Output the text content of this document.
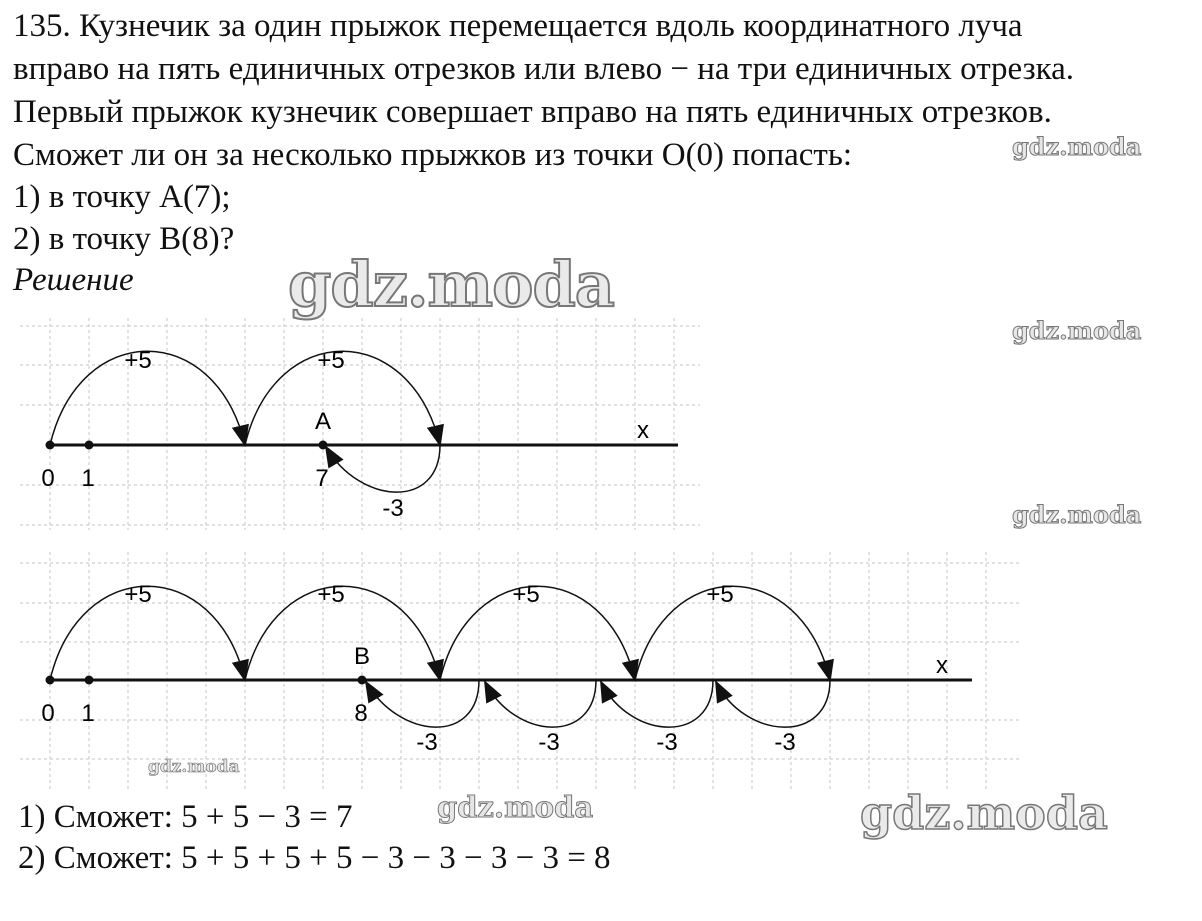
135. Кузнечик за один прыжок перемещается вдоль координатного луча
вправо на пять единичных отрезков или влево − на три единичных отрезка.
Первый прыжок кузнечик совершает вправо на пять единичных отрезков.
Сможет ли он за несколько прыжков из точки O(0) попасть:
1) в точку A(7);
2) в точку B(8)?
Решение
+5	+5
A	x
0 1	7
-3
+5	+5	+5	+5
B	x
0 1	8
-3	-3	-3	-3
1) Сможет: 5 + 5 − 3 = 7
2) Сможет: 5 + 5 + 5 + 5 − 3 − 3 − 3 − 3 = 8
gdz.moda
gdz.moda
gdz.moda
gdz.moda
gdz.moda
gdz.moda	gdz.moda
